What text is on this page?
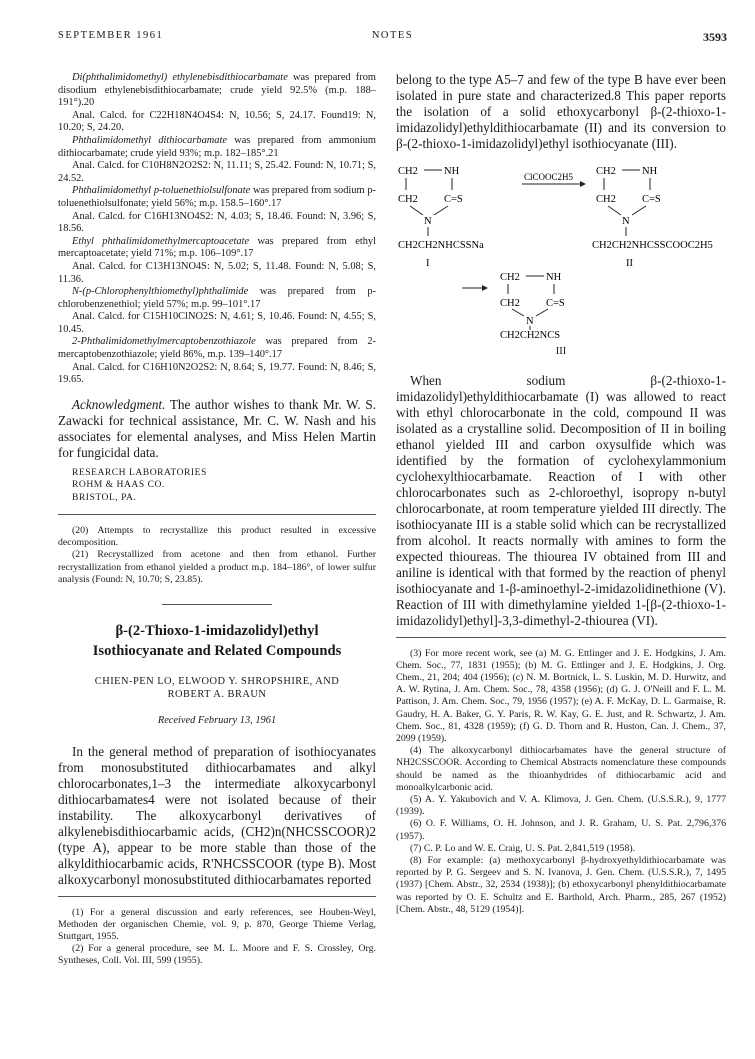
SEPTEMBER 1961	NOTES	3593

Di(phthalimidomethyl) ethylenebisdithiocarbamate was prepared from disodium ethylenebisdithiocarbamate; crude yield 92.5% (m.p. 188–191°).20

Anal. Calcd. for C22H18N4O4S4: N, 10.56; S, 24.17. Found19: N, 10.20; S, 24.20.

Phthalimidomethyl dithiocarbamate was prepared from ammonium dithiocarbamate; crude yield 93%; m.p. 182–185°.21

Anal. Calcd. for C10H8N2O2S2: N, 11.11; S, 25.42. Found: N, 10.71; S, 24.52.

Phthalimidomethyl p-toluenethiolsulfonate was prepared from sodium p-toluenethiolsulfonate; yield 56%; m.p. 158.5–160°.17

Anal. Calcd. for C16H13NO4S2: N, 4.03; S, 18.46. Found: N, 3.96; S, 18.56.

Ethyl phthalimidomethylmercaptoacetate was prepared from ethyl mercaptoacetate; yield 71%; m.p. 106–109°.17

Anal. Calcd. for C13H13NO4S: N, 5.02; S, 11.48. Found: N, 5.08; S, 11.36.

N-(p-Chlorophenylthiomethyl)phthalimide was prepared from p-chlorobenzenethiol; yield 57%; m.p. 99–101°.17

Anal. Calcd. for C15H10ClNO2S: N, 4.61; S, 10.46. Found: N, 4.55; S, 10.45.

2-Phthalimidomethylmercaptobenzothiazole was prepared from 2-mercaptobenzothiazole; yield 86%, m.p. 139–140°.17

Anal. Calcd. for C16H10N2O2S2: N, 8.64; S, 19.77. Found: N, 8.46; S, 19.65.

Acknowledgment. The author wishes to thank Mr. W. S. Zawacki for technical assistance, Mr. C. W. Nash and his associates for elemental analyses, and Miss Helen Martin for fungicidal data.

RESEARCH LABORATORIES
ROHM & HAAS CO.
BRISTOL, PA.

(20) Attempts to recrystallize this product resulted in excessive decomposition.

(21) Recrystallized from acetone and then from ethanol. Further recrystallization from ethanol yielded a product m.p. 184–186°, of lower sulfur analysis (Found: N, 10.70; S, 23.85).

β-(2-Thioxo-1-imidazolidyl)ethyl
Isothiocyanate and Related Compounds

CHIEN-PEN LO, ELWOOD Y. SHROPSHIRE, AND
ROBERT A. BRAUN

Received February 13, 1961

In the general method of preparation of isothiocyanates from monosubstituted dithiocarbamates and alkyl chlorocarbonates,1–3 the intermediate alkoxycarbonyl dithiocarbamates4 were not isolated because of their instability. The alkoxycarbonyl derivatives of alkylenebisdithiocarbamic acids, (CH2)n(NHCSSCOOR)2 (type A), appear to be more stable than those of the alkyldithiocarbamic acids, R'NHCSSCOOR (type B). Most alkoxycarbonyl monosubstituted dithiocarbamates reported

(1) For a general discussion and early references, see Houben-Weyl, Methoden der organischen Chemie, vol. 9, p. 870, George Thieme Verlag, Stuttgart, 1955.

(2) For a general procedure, see M. L. Moore and F. S. Crossley, Org. Syntheses, Coll. Vol. III, 599 (1955).

belong to the type A5–7 and few of the type B have ever been isolated in pure state and characterized.8 This paper reports the isolation of a solid ethoxycarbonyl β-(2-thioxo-1-imidazolidyl)ethyldithiocarbamate (II) and its conversion to β-(2-thioxo-1-imidazolidyl)ethyl isothiocyanate (III).

CH2 NH
CH2 C=S
N
CH2CH2NHCSSNa
I
ClCOOC2H5 CH2 NH
CH2 C=S
N
CH2CH2NHCSSCOOC2H5
II
CH2 NH
CH2 C=S
N
CH2CH2NCS
III

When sodium β-(2-thioxo-1-imidazolidyl)ethyldithiocarbamate (I) was allowed to react with ethyl chlorocarbonate in the cold, compound II was isolated as a crystalline solid. Decomposition of II in boiling ethanol yielded III and carbon oxysulfide which was identified by the formation of cyclohexylammonium cyclohexylthiocarbamate. Reaction of I with other chlorocarbonates such as 2-chloroethyl, isopropy n-butyl chlorocarbonate, at room temperature yielded III directly. The isothiocyanate III is a stable solid which can be recrystallized from alcohol. It reacts normally with amines to form the expected thioureas. The thiourea IV obtained from III and aniline is identical with that formed by the reaction of phenyl isothiocyanate and 1-β-aminoethyl-2-imidazolidinethione (V). Reaction of III with dimethylamine yielded 1-[β-(2-thioxo-1-imidazolidyl)ethyl]-3,3-dimethyl-2-thiourea (VI).

(3) For more recent work, see (a) M. G. Ettlinger and J. E. Hodgkins, J. Am. Chem. Soc., 77, 1831 (1955); (b) M. G. Ettlinger and J. E. Hodgkins, J. Org. Chem., 21, 204; 404 (1956); (c) N. M. Bortnick, L. S. Luskin, M. D. Hurwitz, and A. W. Rytina, J. Am. Chem. Soc., 78, 4358 (1956); (d) G. J. O'Neill and F. L. M. Pattison, J. Am. Chem. Soc., 79, 1956 (1957); (e) A. F. McKay, D. L. Garmaise, R. Gaudry, H. A. Baker, G. Y. Paris, R. W. Kay, G. E. Just, and R. Schwartz, J. Am. Chem. Soc., 81, 4328 (1959); (f) G. D. Thorn and R. Huston, Can. J. Chem., 37, 2099 (1959).

(4) The alkoxycarbonyl dithiocarbamates have the general structure of NH2CSSCOOR. According to Chemical Abstracts nomenclature these compounds should be named as the thioanhydrides of dithiocarbamic acid and monoalkylcarbonic acid.

(5) A. Y. Yakubovich and V. A. Klimova, J. Gen. Chem. (U.S.S.R.), 9, 1777 (1939).

(6) O. F. Williams, O. H. Johnson, and J. R. Graham, U. S. Pat. 2,796,376 (1957).

(7) C. P. Lo and W. E. Craig, U. S. Pat. 2,841,519 (1958).

(8) For example: (a) methoxycarbonyl β-hydroxyethyldithiocarbamate was reported by P. G. Sergeev and S. N. Ivanova, J. Gen. Chem. (U.S.S.R.), 7, 1495 (1937) [Chem. Abstr., 32, 2534 (1938)]; (b) ethoxycarbonyl phenyldithiocarbamate was reported by O. E. Schultz and E. Barthold, Arch. Pharm., 285, 267 (1952) [Chem. Abstr., 48, 5129 (1954)].
